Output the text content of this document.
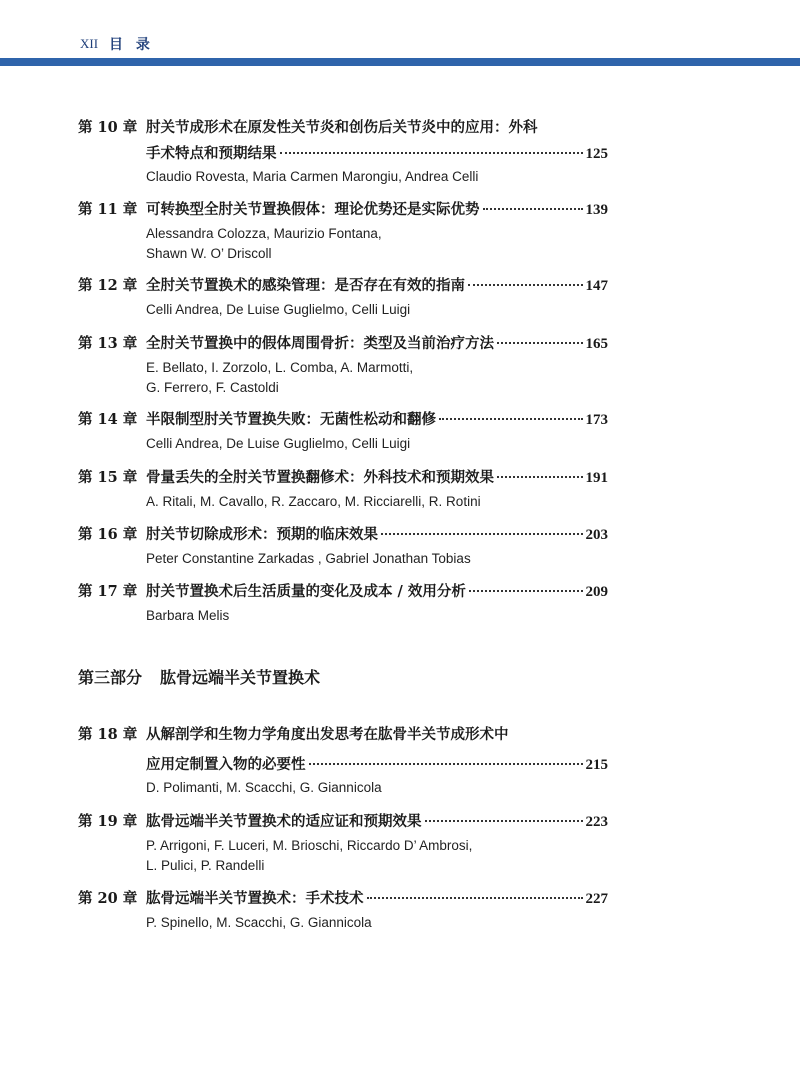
XII 目 录
第 10 章 肘关节成形术在原发性关节炎和创伤后关节炎中的应用：外科
手术特点和预期结果	125
Claudio Rovesta, Maria Carmen Marongiu, Andrea Celli
第 11 章 可转换型全肘关节置换假体：理论优势还是实际优势	139
Alessandra Colozza, Maurizio Fontana,
Shawn W. O’ Driscoll
第 12 章 全肘关节置换术的感染管理：是否存在有效的指南	147
Celli Andrea, De Luise Guglielmo, Celli Luigi
第 13 章 全肘关节置换中的假体周围骨折：类型及当前治疗方法	165
E. Bellato, I. Zorzolo, L. Comba, A. Marmotti,
G. Ferrero, F. Castoldi
第 14 章 半限制型肘关节置换失败：无菌性松动和翻修	173
Celli Andrea, De Luise Guglielmo, Celli Luigi
第 15 章 骨量丢失的全肘关节置换翻修术：外科技术和预期效果	191
A. Ritali, M. Cavallo, R. Zaccaro, M. Ricciarelli, R. Rotini
第 16 章 肘关节切除成形术：预期的临床效果	203
Peter Constantine Zarkadas , Gabriel Jonathan Tobias
第 17 章 肘关节置换术后生活质量的变化及成本 / 效用分析	209
Barbara Melis
第三部分 肱骨远端半关节置换术
第 18 章 从解剖学和生物力学角度出发思考在肱骨半关节成形术中
应用定制置入物的必要性	215
D. Polimanti, M. Scacchi, G. Giannicola
第 19 章 肱骨远端半关节置换术的适应证和预期效果	223
P. Arrigoni, F. Luceri, M. Brioschi, Riccardo D’ Ambrosi,
L. Pulici, P. Randelli
第 20 章 肱骨远端半关节置换术：手术技术	227
P. Spinello, M. Scacchi, G. Giannicola
